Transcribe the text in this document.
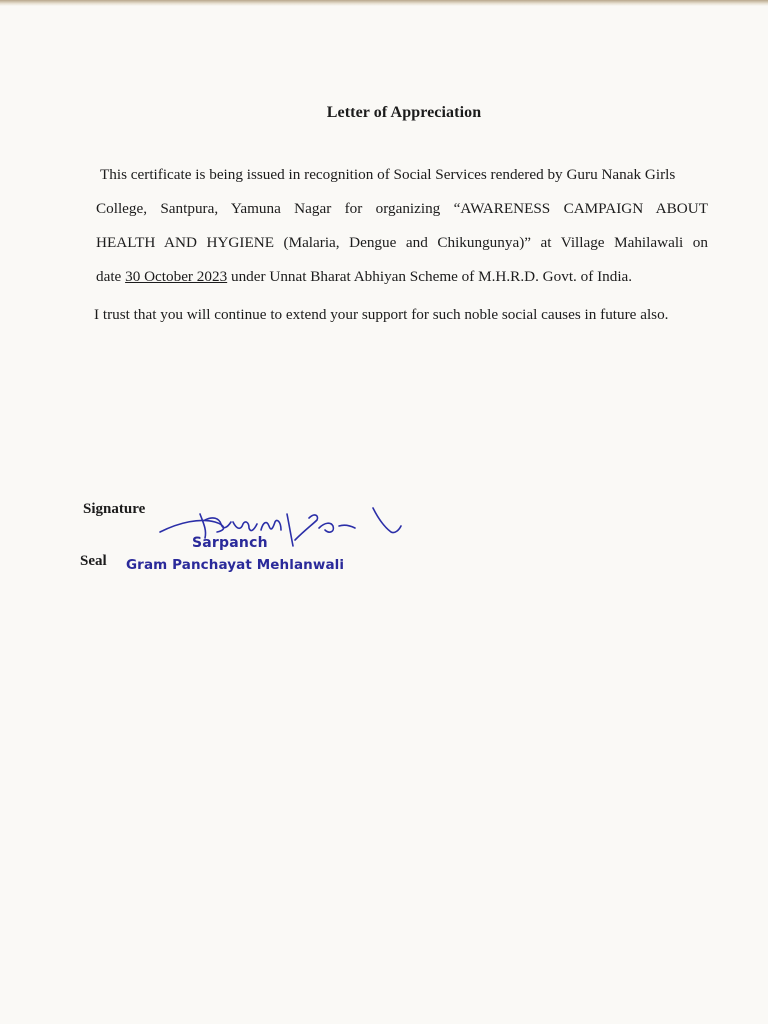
Letter of Appreciation
This certificate is being issued in recognition of Social Services rendered by Guru Nanak Girls
College, Santpura, Yamuna Nagar for organizing “AWARENESS CAMPAIGN ABOUT
HEALTH AND HYGIENE (Malaria, Dengue and Chikungunya)” at Village Mahilawali on
date 30 October 2023 under Unnat Bharat Abhiyan Scheme of M.H.R.D. Govt. of India.
I trust that you will continue to extend your support for such noble social causes in future also.
Signature
Seal
Sarpanch
Gram Panchayat Mehlanwali
